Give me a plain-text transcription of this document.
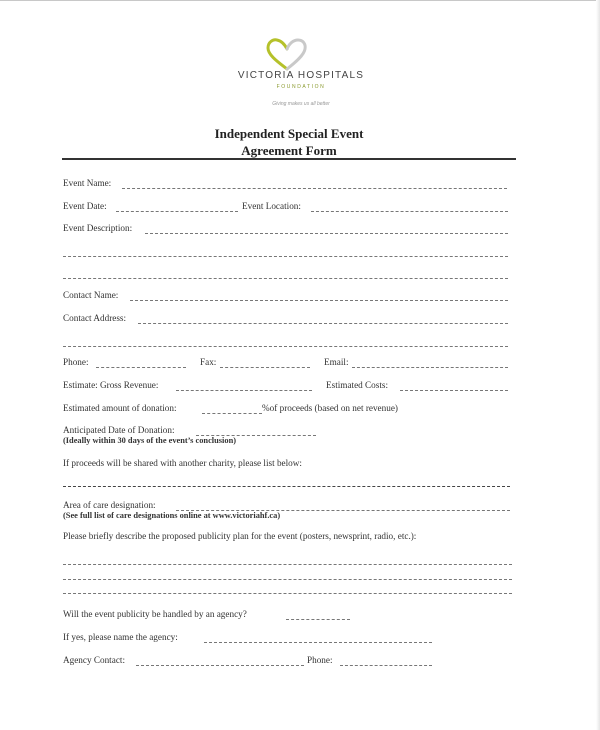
VICTORIA HOSPITALS
FOUNDATION
Giving makes us all better
Independent Special Event
Agreement Form
Event Name:
Event Date:	Event Location:
Event Description:
Contact Name:
Contact Address:
Phone:	Fax:	Email:
Estimate: Gross Revenue:	Estimated Costs:
Estimated amount of donation:	%of proceeds (based on net revenue)
Anticipated Date of Donation:
(Ideally within 30 days of the event’s conclusion)
If proceeds will be shared with another charity, please list below:
Area of care designation:
(See full list of care designations online at www.victoriahf.ca)
Please briefly describe the proposed publicity plan for the event (posters, newsprint, radio, etc.):
Will the event publicity be handled by an agency?
If yes, please name the agency:
Agency Contact:	Phone:
